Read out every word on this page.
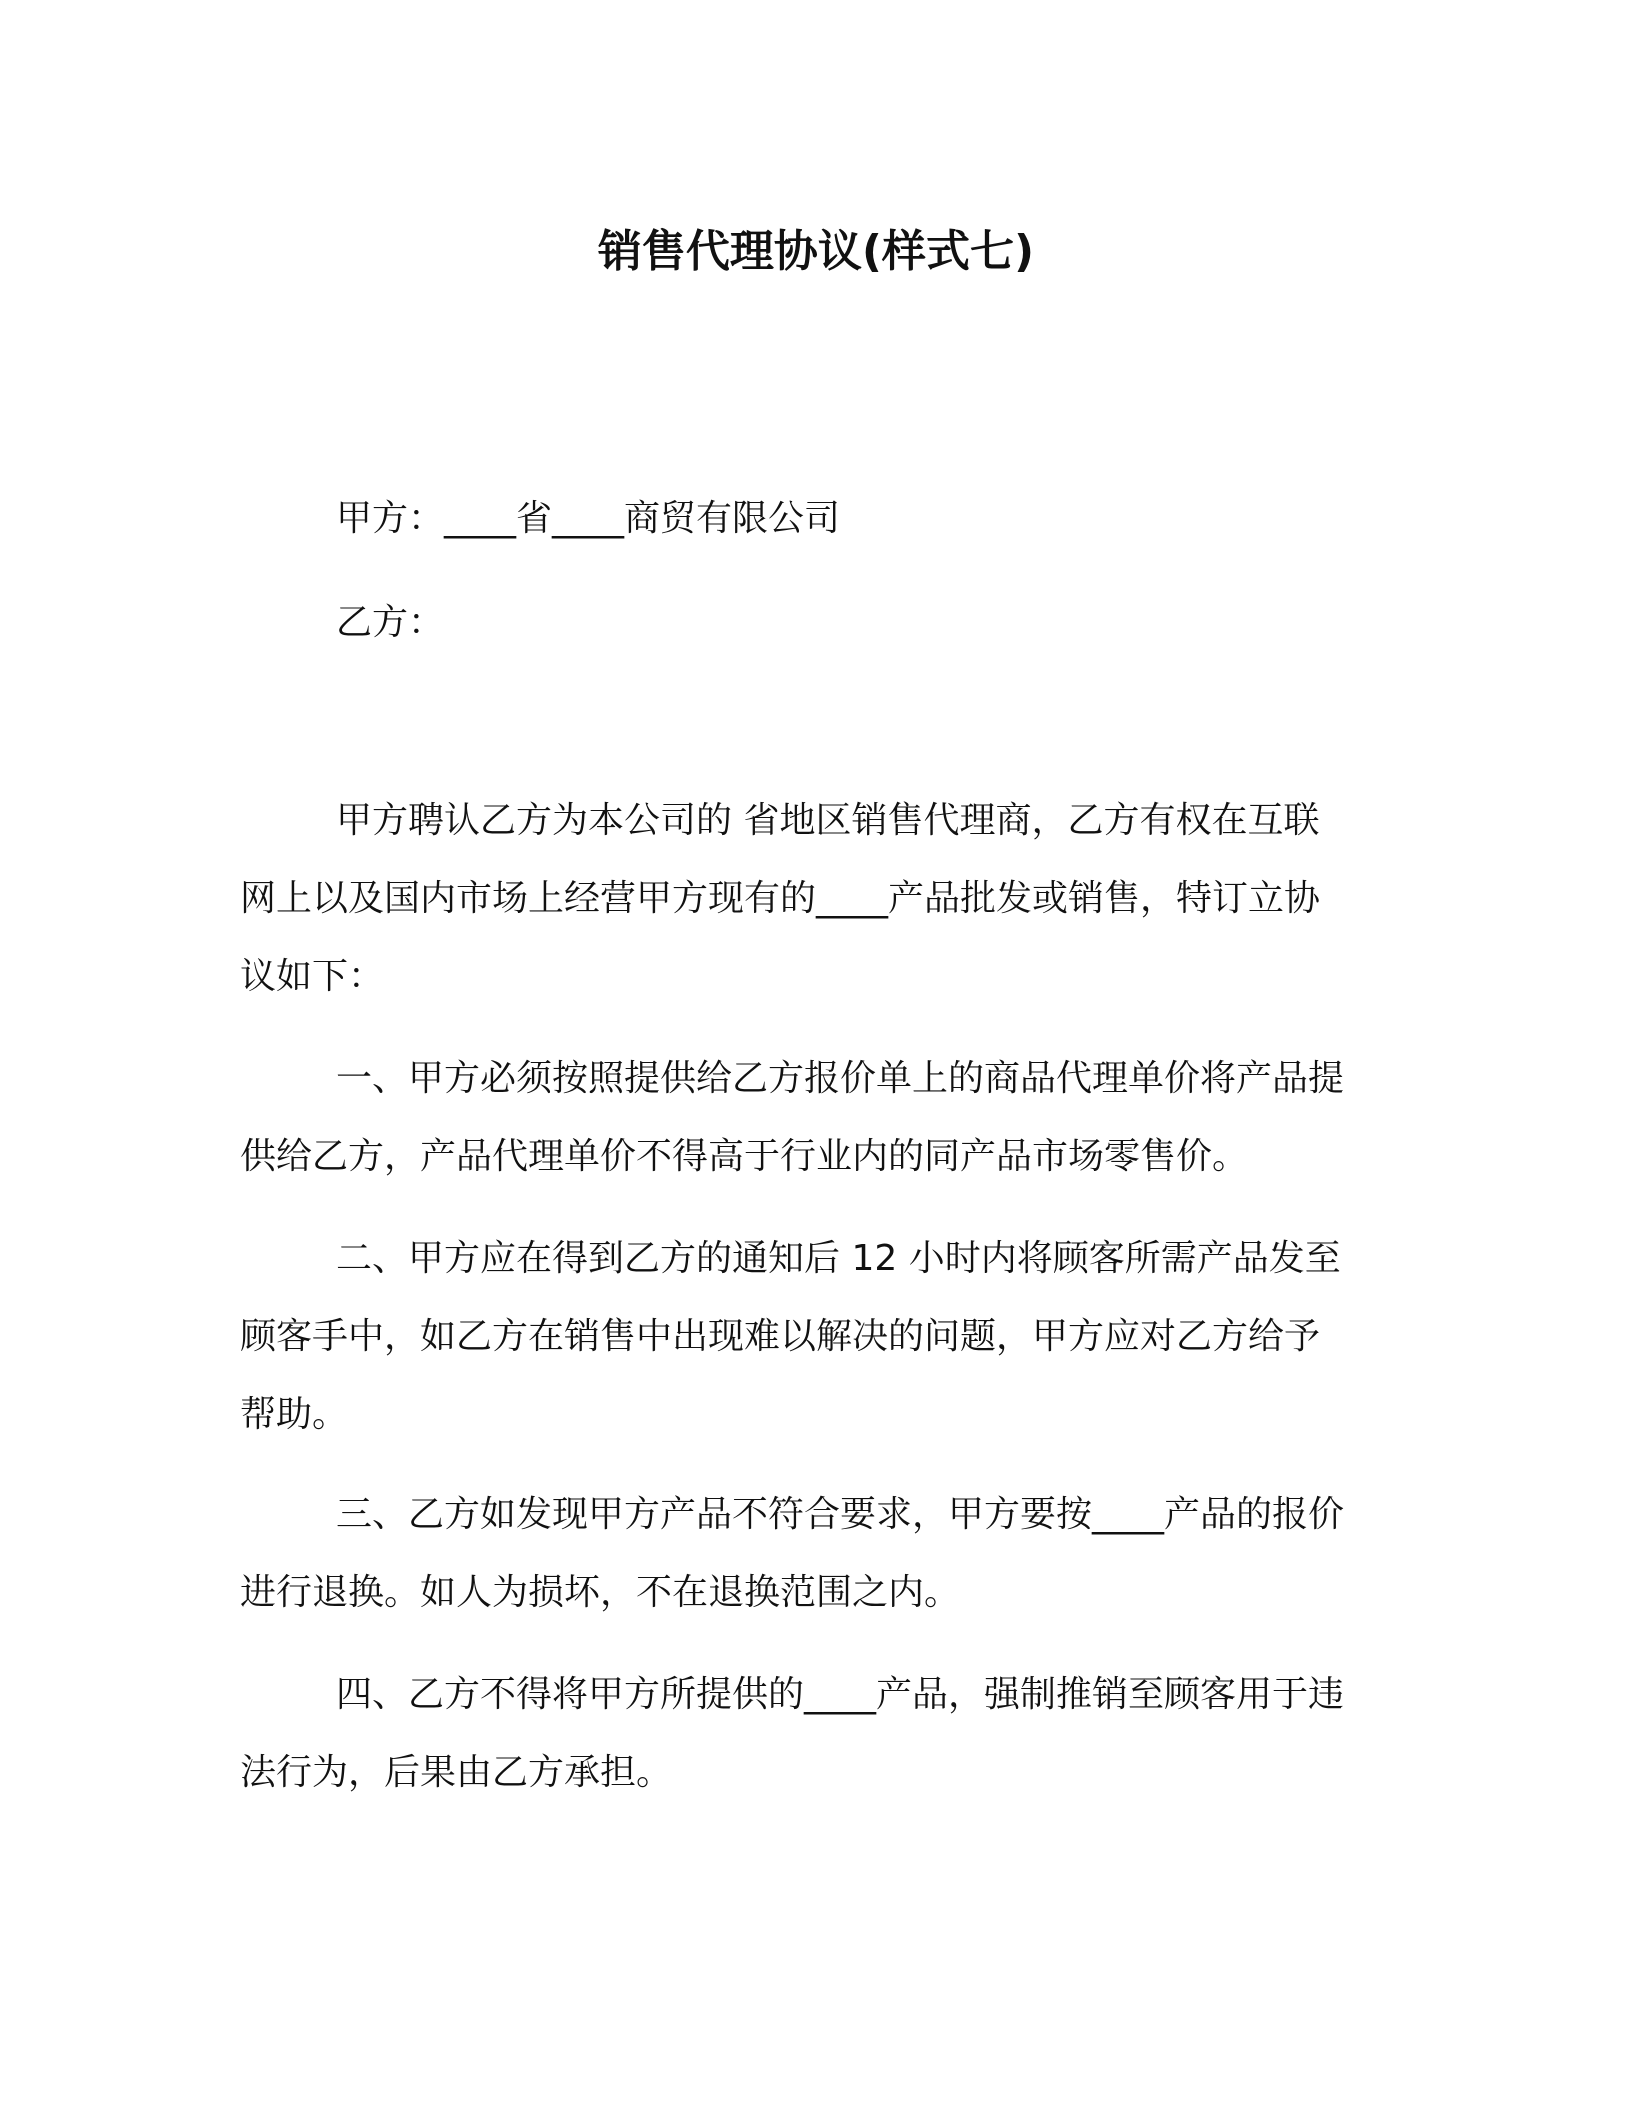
销售代理协议(样式七)
甲方：____省____商贸有限公司
乙方：
甲方聘认乙方为本公司的 省地区销售代理商，乙方有权在互联
网上以及国内市场上经营甲方现有的____产品批发或销售，特订立协
议如下：
一、甲方必须按照提供给乙方报价单上的商品代理单价将产品提
供给乙方，产品代理单价不得高于行业内的同产品市场零售价。
二、甲方应在得到乙方的通知后 12 小时内将顾客所需产品发至
顾客手中，如乙方在销售中出现难以解决的问题，甲方应对乙方给予
帮助。
三、乙方如发现甲方产品不符合要求，甲方要按____产品的报价
进行退换。如人为损坏，不在退换范围之内。
四、乙方不得将甲方所提供的____产品，强制推销至顾客用于违
法行为，后果由乙方承担。
